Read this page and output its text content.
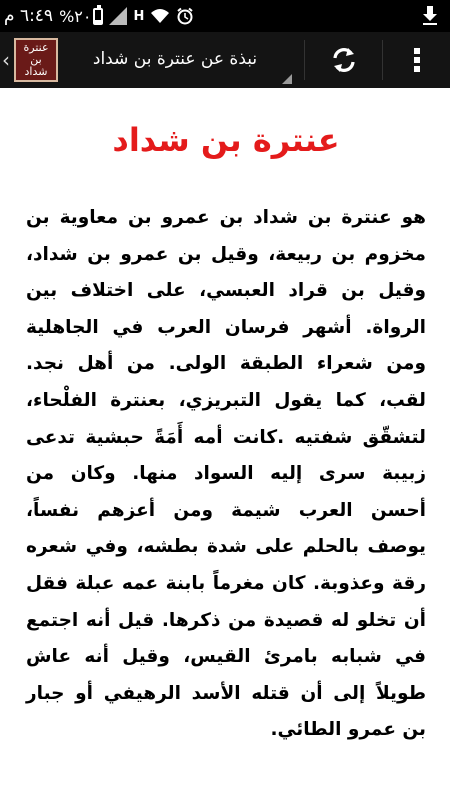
٦:٤٩ م %٢٠	H
‹
عنترة
بن
شداد
نبذة عن عنترة بن شداد
عنترة بن شداد

هو عنترة بن شداد بن عمرو بن معاوية بن مخزوم بن ربيعة، وقيل بن عمرو بن شداد، وقيل بن قراد العبسي، على اختلاف بين الرواة. أشهر فرسان العرب في الجاهلية ومن شعراء الطبقة الولى. من أهل نجد. لقب، كما يقول التبريزي، بعنترة الفلْحاء، لتشقّق شفتيه .كانت أمه أَمَةً حبشية تدعى زبيبة سرى إليه السواد منها. وكان من أحسن العرب شيمة ومن أعزهم نفساً، يوصف بالحلم على شدة بطشه، وفي شعره رقة وعذوبة. كان مغرماً بابنة عمه عبلة فقل أن تخلو له قصيدة من ذكرها. قيل أنه اجتمع في شبابه بامرئ القيس، وقيل أنه عاش طويلاً إلى أن قتله الأسد الرهيفي أو جبار بن عمرو الطائي.
